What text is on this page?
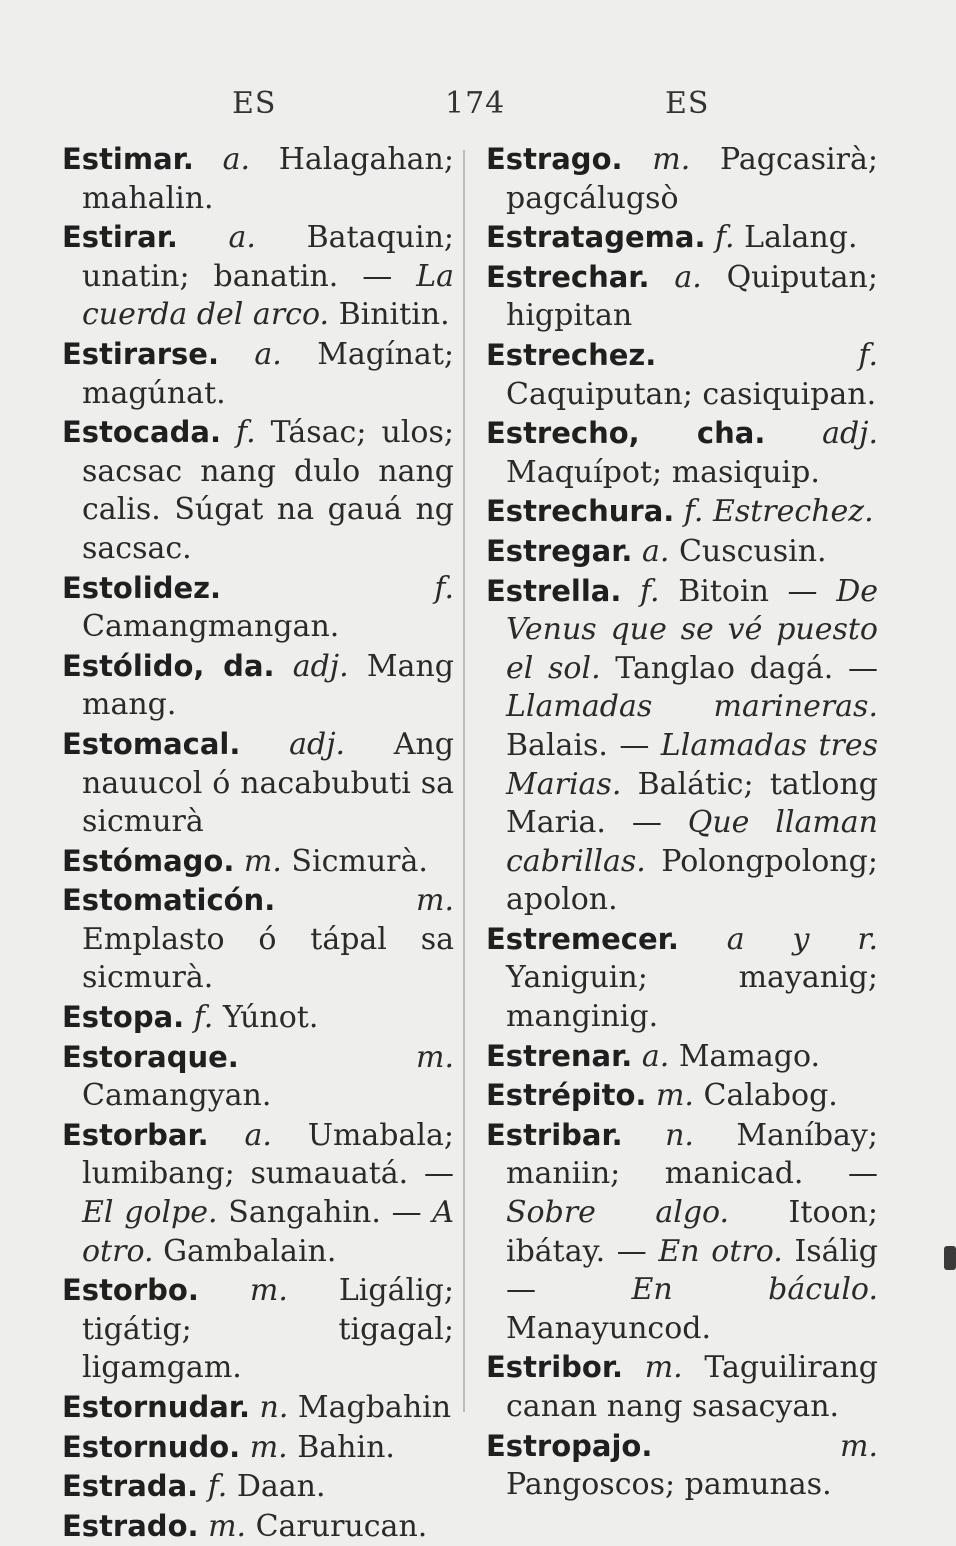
ES	174	ES

Estimar. a. Halagahan; mahalin.

Estirar. a. Bataquin; unatin; banatin. — La cuerda del arco. Binitin.

Estirarse. a. Magínat; magúnat.

Estocada. f. Tásac; ulos; sacsac nang dulo nang calis. Súgat na gauá ng sacsac.

Estolidez.	f. Camangmangan.

Estólido, da. adj. Mang mang.

Estomacal. adj. Ang nauucol ó nacabubuti sa sicmurà

Estómago. m. Sicmurà.

Estomaticón.	m. Emplasto ó tápal sa sicmurà.

Estopa. f. Yúnot.

Estoraque.	m. Camangyan.

Estorbar. a. Umabala; lumibang; sumauatá. — El golpe. Sangahin. — A otro. Gambalain.

Estorbo. m. Ligálig; tigátig; tigagal; ligamgam.

Estornudar. n. Magbahin

Estornudo. m. Bahin.

Estrada. f. Daan.

Estrado. m. Carurucan.

Estrago. m. Pagcasirà; pagcálugsò

Estratagema. f. Lalang.

Estrechar. a. Quiputan; higpitan

Estrechez.	f. Caquiputan; casiquipan.

Estrecho, cha. adj. Maquípot; masiquip.

Estrechura. f. Estrechez.

Estregar. a. Cuscusin.

Estrella. f. Bitoin — De Venus que se vé puesto el sol. Tanglao dagá. — Llamadas marineras. Balais. — Llamadas tres Marias. Balátic; tatlong Maria. — Que llaman cabrillas. Polongpolong; apolon.

Estremecer. a y r. Yaniguin; mayanig; manginig.

Estrenar. a. Mamago.

Estrépito. m. Calabog.

Estribar. n. Maníbay; maniin; manicad. — Sobre algo. Itoon; ibátay. — En otro. Isálig —	En báculo. Manayuncod.

Estribor. m. Taguilirang canan nang sasacyan.

Estropajo.	m. Pangoscos; pamunas.
